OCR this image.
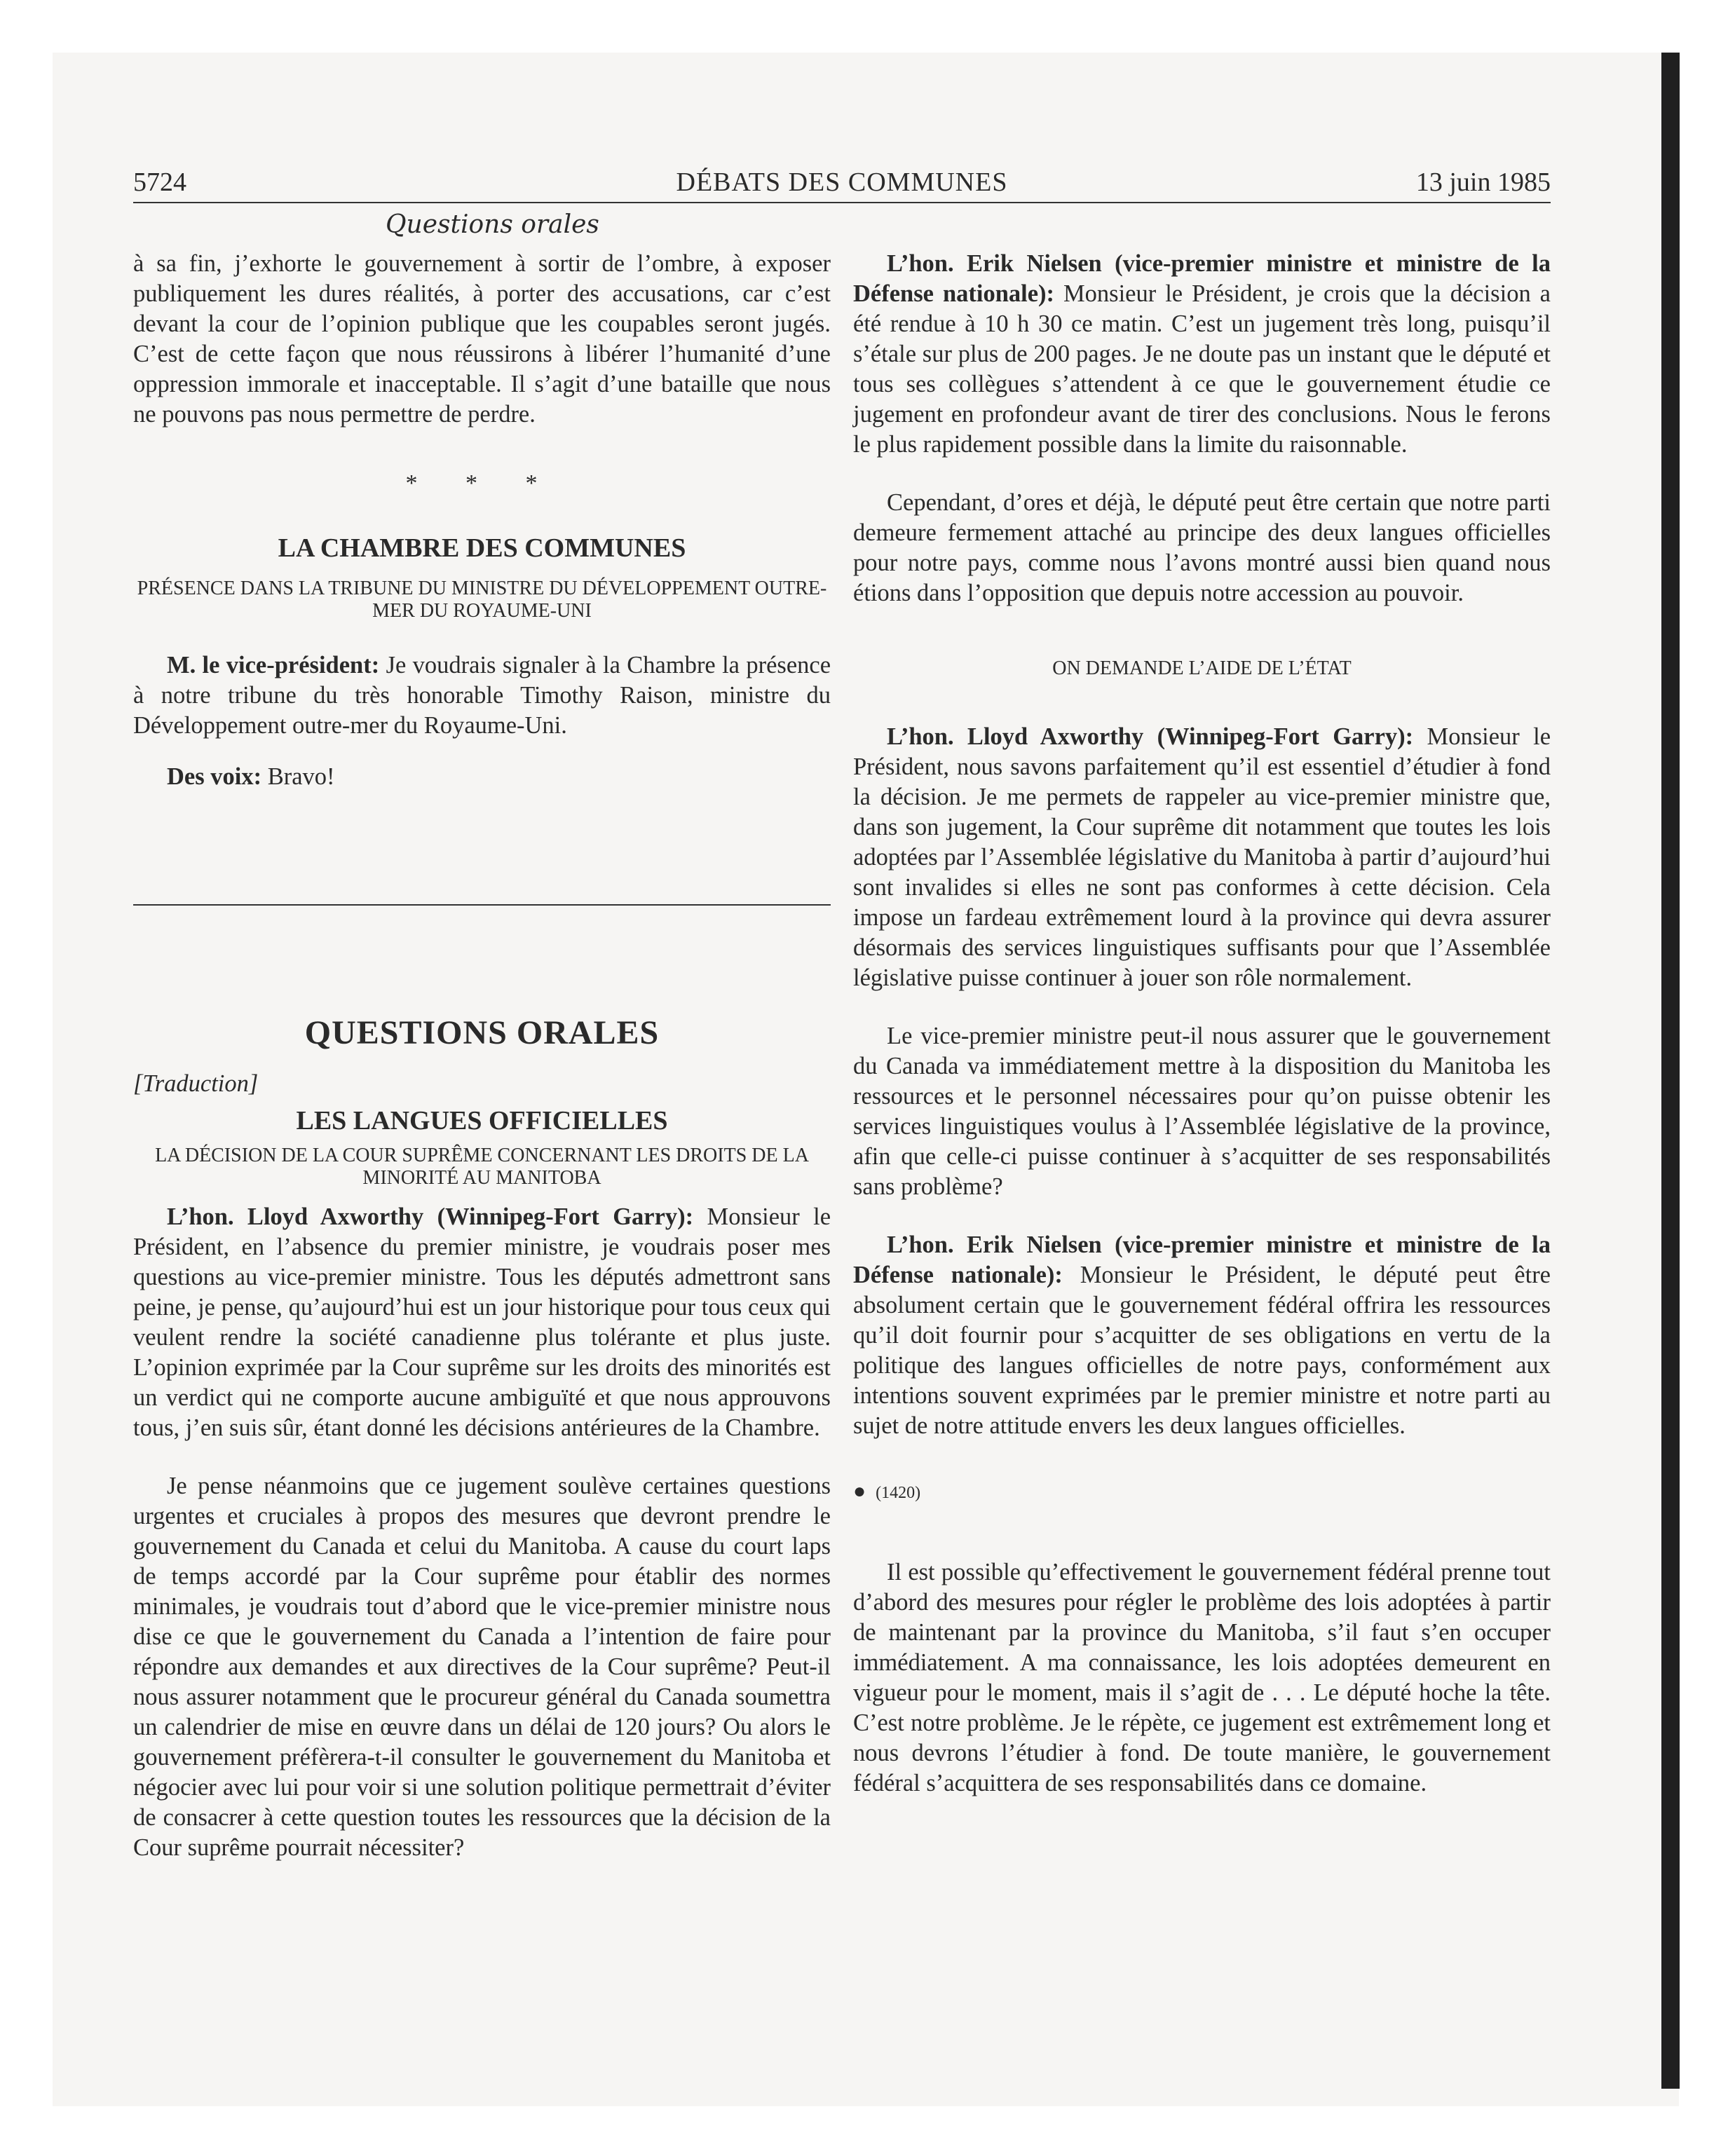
5724	DÉBATS DES COMMUNES	13 juin 1985
Questions orales

à sa fin, j’exhorte le gouvernement à sortir de l’ombre, à exposer publiquement les dures réalités, à porter des accusations, car c’est devant la cour de l’opinion publique que les coupables seront jugés. C’est de cette façon que nous réussirons à libérer l’humanité d’une oppression immorale et inacceptable. Il s’agit d’une bataille que nous ne pouvons pas nous permettre de perdre.

* * *
LA CHAMBRE DES COMMUNES
PRÉSENCE DANS LA TRIBUNE DU MINISTRE DU DÉVELOPPEMENT OUTRE-MER DU ROYAUME-UNI

M. le vice-président: Je voudrais signaler à la Chambre la présence à notre tribune du très honorable Timothy Raison, ministre du Développement outre-mer du Royaume-Uni.

Des voix: Bravo!

QUESTIONS ORALES
[Traduction]
LES LANGUES OFFICIELLES
LA DÉCISION DE LA COUR SUPRÊME CONCERNANT LES DROITS DE LA MINORITÉ AU MANITOBA

L’hon. Lloyd Axworthy (Winnipeg-Fort Garry): Monsieur le Président, en l’absence du premier ministre, je voudrais poser mes questions au vice-premier ministre. Tous les députés admettront sans peine, je pense, qu’aujourd’hui est un jour historique pour tous ceux qui veulent rendre la société canadienne plus tolérante et plus juste. L’opinion exprimée par la Cour suprême sur les droits des minorités est un verdict qui ne comporte aucune ambiguïté et que nous approuvons tous, j’en suis sûr, étant donné les décisions antérieures de la Chambre.

Je pense néanmoins que ce jugement soulève certaines questions urgentes et cruciales à propos des mesures que devront prendre le gouvernement du Canada et celui du Manitoba. A cause du court laps de temps accordé par la Cour suprême pour établir des normes minimales, je voudrais tout d’abord que le vice-premier ministre nous dise ce que le gouvernement du Canada a l’intention de faire pour répondre aux demandes et aux directives de la Cour suprême? Peut-il nous assurer notamment que le procureur général du Canada soumettra un calendrier de mise en œuvre dans un délai de 120 jours? Ou alors le gouvernement préfèrera-t-il consulter le gouvernement du Manitoba et négocier avec lui pour voir si une solution politique permettrait d’éviter de consacrer à cette question toutes les ressources que la décision de la Cour suprême pourrait nécessiter?

L’hon. Erik Nielsen (vice-premier ministre et ministre de la Défense nationale): Monsieur le Président, je crois que la décision a été rendue à 10 h 30 ce matin. C’est un jugement très long, puisqu’il s’étale sur plus de 200 pages. Je ne doute pas un instant que le député et tous ses collègues s’attendent à ce que le gouvernement étudie ce jugement en profondeur avant de tirer des conclusions. Nous le ferons le plus rapidement possible dans la limite du raisonnable.

Cependant, d’ores et déjà, le député peut être certain que notre parti demeure fermement attaché au principe des deux langues officielles pour notre pays, comme nous l’avons montré aussi bien quand nous étions dans l’opposition que depuis notre accession au pouvoir.

ON DEMANDE L’AIDE DE L’ÉTAT

L’hon. Lloyd Axworthy (Winnipeg-Fort Garry): Monsieur le Président, nous savons parfaitement qu’il est essentiel d’étudier à fond la décision. Je me permets de rappeler au vice-premier ministre que, dans son jugement, la Cour suprême dit notamment que toutes les lois adoptées par l’Assemblée législative du Manitoba à partir d’aujourd’hui sont invalides si elles ne sont pas conformes à cette décision. Cela impose un fardeau extrêmement lourd à la province qui devra assurer désormais des services linguistiques suffisants pour que l’Assemblée législative puisse continuer à jouer son rôle normalement.

Le vice-premier ministre peut-il nous assurer que le gouvernement du Canada va immédiatement mettre à la disposition du Manitoba les ressources et le personnel nécessaires pour qu’on puisse obtenir les services linguistiques voulus à l’Assemblée législative de la province, afin que celle-ci puisse continuer à s’acquitter de ses responsabilités sans problème?

L’hon. Erik Nielsen (vice-premier ministre et ministre de la Défense nationale): Monsieur le Président, le député peut être absolument certain que le gouvernement fédéral offrira les ressources qu’il doit fournir pour s’acquitter de ses obligations en vertu de la politique des langues officielles de notre pays, conformément aux intentions souvent exprimées par le premier ministre et notre parti au sujet de notre attitude envers les deux langues officielles.

● (1420)

Il est possible qu’effectivement le gouvernement fédéral prenne tout d’abord des mesures pour régler le problème des lois adoptées à partir de maintenant par la province du Manitoba, s’il faut s’en occuper immédiatement. A ma connaissance, les lois adoptées demeurent en vigueur pour le moment, mais il s’agit de . . . Le député hoche la tête. C’est notre problème. Je le répète, ce jugement est extrêmement long et nous devrons l’étudier à fond. De toute manière, le gouvernement fédéral s’acquittera de ses responsabilités dans ce domaine.
